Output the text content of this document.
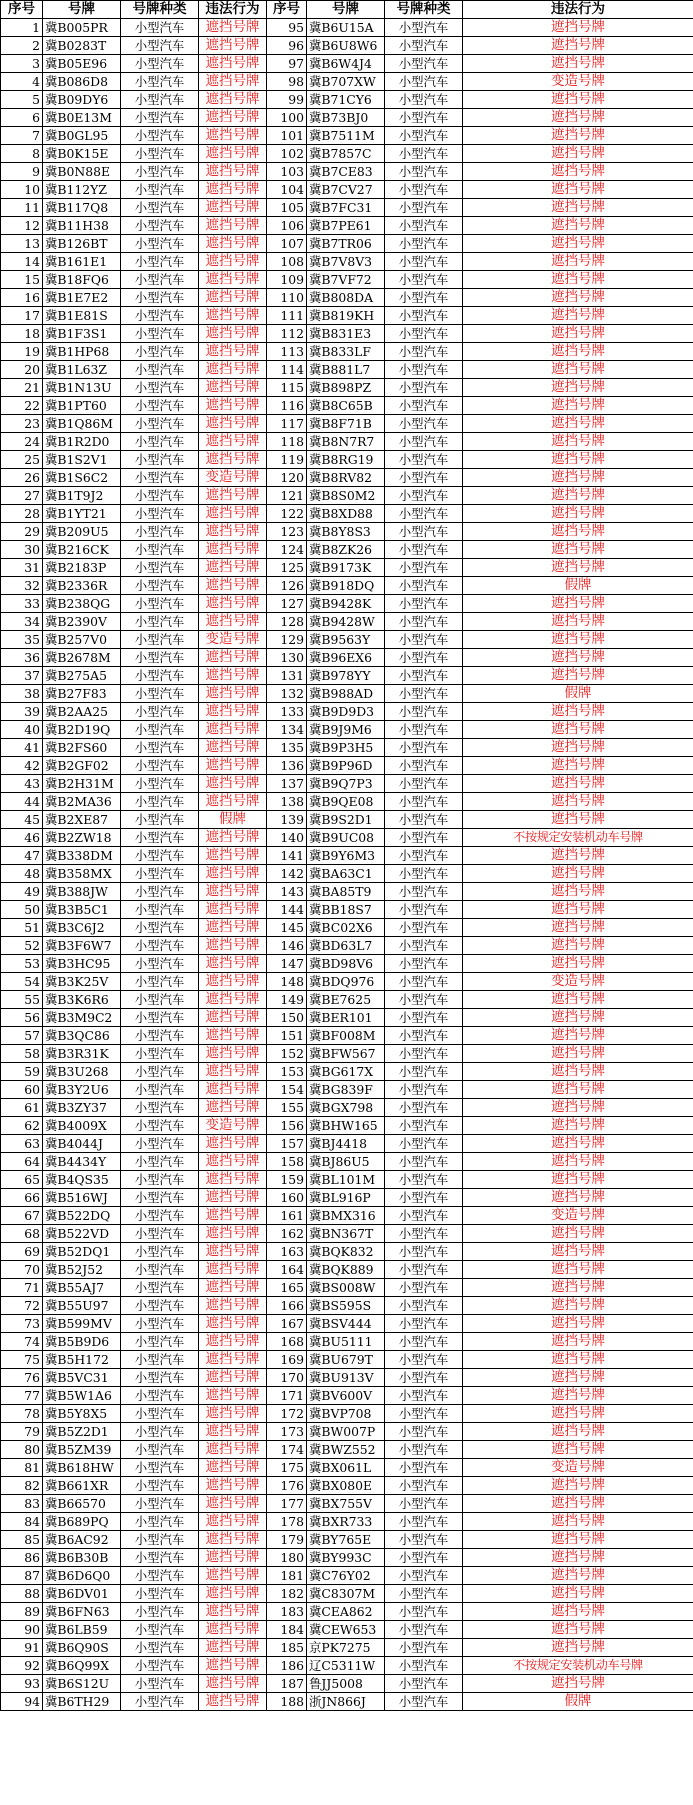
序号	号牌	号牌种类	违法行为	序号	号牌	号牌种类	违法行为
1	冀B005PR	小型汽车	遮挡号牌	95	冀B6U15A	小型汽车	遮挡号牌
2	冀B0283T	小型汽车	遮挡号牌	96	冀B6U8W6	小型汽车	遮挡号牌
3	冀B05E96	小型汽车	遮挡号牌	97	冀B6W4J4	小型汽车	遮挡号牌
4	冀B086D8	小型汽车	遮挡号牌	98	冀B707XW	小型汽车	变造号牌
5	冀B09DY6	小型汽车	遮挡号牌	99	冀B71CY6	小型汽车	遮挡号牌
6	冀B0E13M	小型汽车	遮挡号牌	100	冀B73BJ0	小型汽车	遮挡号牌
7	冀B0GL95	小型汽车	遮挡号牌	101	冀B7511M	小型汽车	遮挡号牌
8	冀B0K15E	小型汽车	遮挡号牌	102	冀B7857C	小型汽车	遮挡号牌
9	冀B0N88E	小型汽车	遮挡号牌	103	冀B7CE83	小型汽车	遮挡号牌
10	冀B112YZ	小型汽车	遮挡号牌	104	冀B7CV27	小型汽车	遮挡号牌
11	冀B117Q8	小型汽车	遮挡号牌	105	冀B7FC31	小型汽车	遮挡号牌
12	冀B11H38	小型汽车	遮挡号牌	106	冀B7PE61	小型汽车	遮挡号牌
13	冀B126BT	小型汽车	遮挡号牌	107	冀B7TR06	小型汽车	遮挡号牌
14	冀B161E1	小型汽车	遮挡号牌	108	冀B7V8V3	小型汽车	遮挡号牌
15	冀B18FQ6	小型汽车	遮挡号牌	109	冀B7VF72	小型汽车	遮挡号牌
16	冀B1E7E2	小型汽车	遮挡号牌	110	冀B808DA	小型汽车	遮挡号牌
17	冀B1E81S	小型汽车	遮挡号牌	111	冀B819KH	小型汽车	遮挡号牌
18	冀B1F3S1	小型汽车	遮挡号牌	112	冀B831E3	小型汽车	遮挡号牌
19	冀B1HP68	小型汽车	遮挡号牌	113	冀B833LF	小型汽车	遮挡号牌
20	冀B1L63Z	小型汽车	遮挡号牌	114	冀B881L7	小型汽车	遮挡号牌
21	冀B1N13U	小型汽车	遮挡号牌	115	冀B898PZ	小型汽车	遮挡号牌
22	冀B1PT60	小型汽车	遮挡号牌	116	冀B8C65B	小型汽车	遮挡号牌
23	冀B1Q86M	小型汽车	遮挡号牌	117	冀B8F71B	小型汽车	遮挡号牌
24	冀B1R2D0	小型汽车	遮挡号牌	118	冀B8N7R7	小型汽车	遮挡号牌
25	冀B1S2V1	小型汽车	遮挡号牌	119	冀B8RG19	小型汽车	遮挡号牌
26	冀B1S6C2	小型汽车	变造号牌	120	冀B8RV82	小型汽车	遮挡号牌
27	冀B1T9J2	小型汽车	遮挡号牌	121	冀B8S0M2	小型汽车	遮挡号牌
28	冀B1YT21	小型汽车	遮挡号牌	122	冀B8XD88	小型汽车	遮挡号牌
29	冀B209U5	小型汽车	遮挡号牌	123	冀B8Y8S3	小型汽车	遮挡号牌
30	冀B216CK	小型汽车	遮挡号牌	124	冀B8ZK26	小型汽车	遮挡号牌
31	冀B2183P	小型汽车	遮挡号牌	125	冀B9173K	小型汽车	遮挡号牌
32	冀B2336R	小型汽车	遮挡号牌	126	冀B918DQ	小型汽车	假牌
33	冀B238QG	小型汽车	遮挡号牌	127	冀B9428K	小型汽车	遮挡号牌
34	冀B2390V	小型汽车	遮挡号牌	128	冀B9428W	小型汽车	遮挡号牌
35	冀B257V0	小型汽车	变造号牌	129	冀B9563Y	小型汽车	遮挡号牌
36	冀B2678M	小型汽车	遮挡号牌	130	冀B96EX6	小型汽车	遮挡号牌
37	冀B275A5	小型汽车	遮挡号牌	131	冀B978YY	小型汽车	遮挡号牌
38	冀B27F83	小型汽车	遮挡号牌	132	冀B988AD	小型汽车	假牌
39	冀B2AA25	小型汽车	遮挡号牌	133	冀B9D9D3	小型汽车	遮挡号牌
40	冀B2D19Q	小型汽车	遮挡号牌	134	冀B9J9M6	小型汽车	遮挡号牌
41	冀B2FS60	小型汽车	遮挡号牌	135	冀B9P3H5	小型汽车	遮挡号牌
42	冀B2GF02	小型汽车	遮挡号牌	136	冀B9P96D	小型汽车	遮挡号牌
43	冀B2H31M	小型汽车	遮挡号牌	137	冀B9Q7P3	小型汽车	遮挡号牌
44	冀B2MA36	小型汽车	遮挡号牌	138	冀B9QE08	小型汽车	遮挡号牌
45	冀B2XE87	小型汽车	假牌	139	冀B9S2D1	小型汽车	遮挡号牌
46	冀B2ZW18	小型汽车	遮挡号牌	140	冀B9UC08	小型汽车	不按规定安装机动车号牌
47	冀B338DM	小型汽车	遮挡号牌	141	冀B9Y6M3	小型汽车	遮挡号牌
48	冀B358MX	小型汽车	遮挡号牌	142	冀BA63C1	小型汽车	遮挡号牌
49	冀B388JW	小型汽车	遮挡号牌	143	冀BA85T9	小型汽车	遮挡号牌
50	冀B3B5C1	小型汽车	遮挡号牌	144	冀BB18S7	小型汽车	遮挡号牌
51	冀B3C6J2	小型汽车	遮挡号牌	145	冀BC02X6	小型汽车	遮挡号牌
52	冀B3F6W7	小型汽车	遮挡号牌	146	冀BD63L7	小型汽车	遮挡号牌
53	冀B3HC95	小型汽车	遮挡号牌	147	冀BD98V6	小型汽车	遮挡号牌
54	冀B3K25V	小型汽车	遮挡号牌	148	冀BDQ976	小型汽车	变造号牌
55	冀B3K6R6	小型汽车	遮挡号牌	149	冀BE7625	小型汽车	遮挡号牌
56	冀B3M9C2	小型汽车	遮挡号牌	150	冀BER101	小型汽车	遮挡号牌
57	冀B3QC86	小型汽车	遮挡号牌	151	冀BF008M	小型汽车	遮挡号牌
58	冀B3R31K	小型汽车	遮挡号牌	152	冀BFW567	小型汽车	遮挡号牌
59	冀B3U268	小型汽车	遮挡号牌	153	冀BG617X	小型汽车	遮挡号牌
60	冀B3Y2U6	小型汽车	遮挡号牌	154	冀BG839F	小型汽车	遮挡号牌
61	冀B3ZY37	小型汽车	遮挡号牌	155	冀BGX798	小型汽车	遮挡号牌
62	冀B4009X	小型汽车	变造号牌	156	冀BHW165	小型汽车	遮挡号牌
63	冀B4044J	小型汽车	遮挡号牌	157	冀BJ4418	小型汽车	遮挡号牌
64	冀B4434Y	小型汽车	遮挡号牌	158	冀BJ86U5	小型汽车	遮挡号牌
65	冀B4QS35	小型汽车	遮挡号牌	159	冀BL101M	小型汽车	遮挡号牌
66	冀B516WJ	小型汽车	遮挡号牌	160	冀BL916P	小型汽车	遮挡号牌
67	冀B522DQ	小型汽车	遮挡号牌	161	冀BMX316	小型汽车	变造号牌
68	冀B522VD	小型汽车	遮挡号牌	162	冀BN367T	小型汽车	遮挡号牌
69	冀B52DQ1	小型汽车	遮挡号牌	163	冀BQK832	小型汽车	遮挡号牌
70	冀B52J52	小型汽车	遮挡号牌	164	冀BQK889	小型汽车	遮挡号牌
71	冀B55AJ7	小型汽车	遮挡号牌	165	冀BS008W	小型汽车	遮挡号牌
72	冀B55U97	小型汽车	遮挡号牌	166	冀BS595S	小型汽车	遮挡号牌
73	冀B599MV	小型汽车	遮挡号牌	167	冀BSV444	小型汽车	遮挡号牌
74	冀B5B9D6	小型汽车	遮挡号牌	168	冀BU5111	小型汽车	遮挡号牌
75	冀B5H172	小型汽车	遮挡号牌	169	冀BU679T	小型汽车	遮挡号牌
76	冀B5VC31	小型汽车	遮挡号牌	170	冀BU913V	小型汽车	遮挡号牌
77	冀B5W1A6	小型汽车	遮挡号牌	171	冀BV600V	小型汽车	遮挡号牌
78	冀B5Y8X5	小型汽车	遮挡号牌	172	冀BVP708	小型汽车	遮挡号牌
79	冀B5Z2D1	小型汽车	遮挡号牌	173	冀BW007P	小型汽车	遮挡号牌
80	冀B5ZM39	小型汽车	遮挡号牌	174	冀BWZ552	小型汽车	遮挡号牌
81	冀B618HW	小型汽车	遮挡号牌	175	冀BX061L	小型汽车	变造号牌
82	冀B661XR	小型汽车	遮挡号牌	176	冀BX080E	小型汽车	遮挡号牌
83	冀B66570	小型汽车	遮挡号牌	177	冀BX755V	小型汽车	遮挡号牌
84	冀B689PQ	小型汽车	遮挡号牌	178	冀BXR733	小型汽车	遮挡号牌
85	冀B6AC92	小型汽车	遮挡号牌	179	冀BY765E	小型汽车	遮挡号牌
86	冀B6B30B	小型汽车	遮挡号牌	180	冀BY993C	小型汽车	遮挡号牌
87	冀B6D6Q0	小型汽车	遮挡号牌	181	冀C76Y02	小型汽车	遮挡号牌
88	冀B6DV01	小型汽车	遮挡号牌	182	冀C8307M	小型汽车	遮挡号牌
89	冀B6FN63	小型汽车	遮挡号牌	183	冀CEA862	小型汽车	遮挡号牌
90	冀B6LB59	小型汽车	遮挡号牌	184	冀CEW653	小型汽车	遮挡号牌
91	冀B6Q90S	小型汽车	遮挡号牌	185	京PK7275	小型汽车	遮挡号牌
92	冀B6Q99X	小型汽车	遮挡号牌	186	辽C5311W	小型汽车	不按规定安装机动车号牌
93	冀B6S12U	小型汽车	遮挡号牌	187	鲁JJ5008	小型汽车	遮挡号牌
94	冀B6TH29	小型汽车	遮挡号牌	188	浙JN866J	小型汽车	假牌
